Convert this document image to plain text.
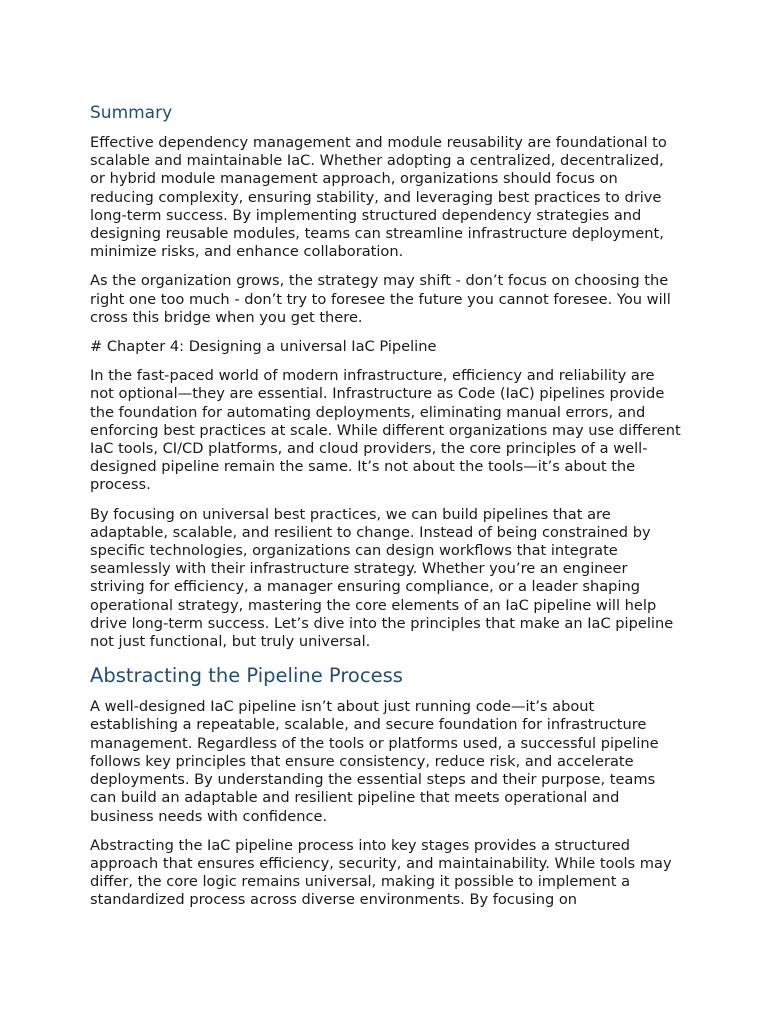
Summary

Effective dependency management and module reusability are foundational to scalable and maintainable IaC. Whether adopting a centralized, decentralized, or hybrid module management approach, organizations should focus on reducing complexity, ensuring stability, and leveraging best practices to drive long-term success. By implementing structured dependency strategies and designing reusable modules, teams can streamline infrastructure deployment, minimize risks, and enhance collaboration.

As the organization grows, the strategy may shift - don’t focus on choosing the right one too much - don’t try to foresee the future you cannot foresee. You will cross this bridge when you get there.

# Chapter 4: Designing a universal IaC Pipeline

In the fast-paced world of modern infrastructure, efficiency and reliability are not optional—they are essential. Infrastructure as Code (IaC) pipelines provide the foundation for automating deployments, eliminating manual errors, and enforcing best practices at scale. While different organizations may use different IaC tools, CI/CD platforms, and cloud providers, the core principles of a well-designed pipeline remain the same. It’s not about the tools—it’s about the process.

By focusing on universal best practices, we can build pipelines that are adaptable, scalable, and resilient to change. Instead of being constrained by specific technologies, organizations can design workflows that integrate seamlessly with their infrastructure strategy. Whether you’re an engineer striving for efficiency, a manager ensuring compliance, or a leader shaping operational strategy, mastering the core elements of an IaC pipeline will help drive long-term success. Let’s dive into the principles that make an IaC pipeline not just functional, but truly universal.

Abstracting the Pipeline Process

A well-designed IaC pipeline isn’t about just running code—it’s about establishing a repeatable, scalable, and secure foundation for infrastructure management. Regardless of the tools or platforms used, a successful pipeline follows key principles that ensure consistency, reduce risk, and accelerate deployments. By understanding the essential steps and their purpose, teams can build an adaptable and resilient pipeline that meets operational and business needs with confidence.

Abstracting the IaC pipeline process into key stages provides a structured approach that ensures efficiency, security, and maintainability. While tools may differ, the core logic remains universal, making it possible to implement a standardized process across diverse environments. By focusing on
